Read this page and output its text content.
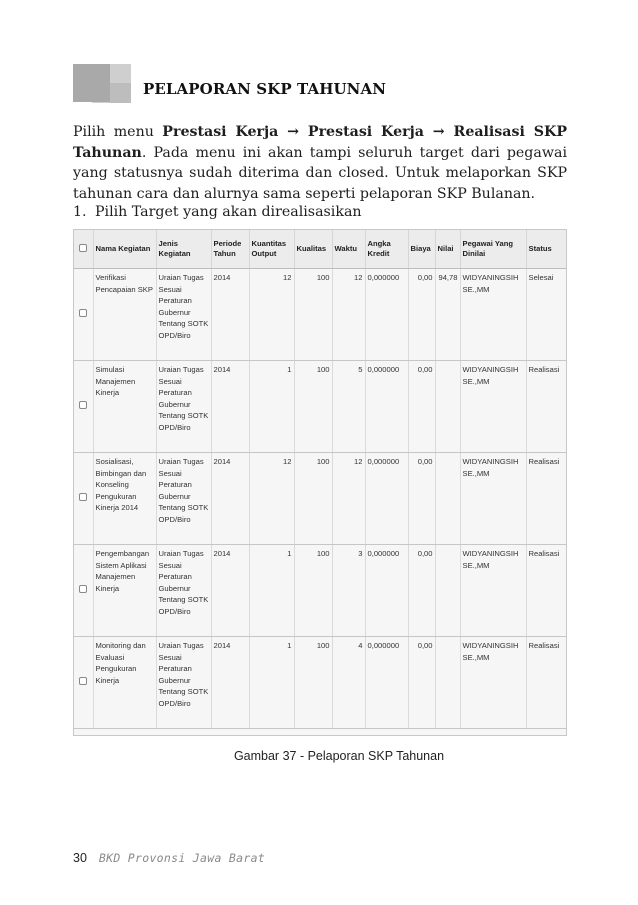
PELAPORAN SKP TAHUNAN
Pilih menu Prestasi Kerja → Prestasi Kerja → Realisasi SKP Tahunan. Pada menu ini akan tampi seluruh target dari pegawai yang statusnya sudah diterima dan closed. Untuk melaporkan SKP tahunan cara dan alurnya sama seperti pelaporan SKP Bulanan.
1. Pilih Target yang akan direalisasikan
	Nama Kegiatan	Jenis Kegiatan	Periode Tahun	Kuantitas Output	Kualitas	Waktu	Angka Kredit	Biaya	Nilai	Pegawai Yang Dinilai	Status
	Verifikasi Pencapaian SKP	Uraian Tugas Sesuai Peraturan Gubernur Tentang SOTK OPD/Biro	2014	12	100	12	0,000000	0,00	94,78	WIDYANINGSIH SE.,MM	Selesai
	Simulasi Manajemen Kinerja	Uraian Tugas Sesuai Peraturan Gubernur Tentang SOTK OPD/Biro	2014	1	100	5	0,000000	0,00		WIDYANINGSIH SE.,MM	Realisasi
	Sosialisasi, Bimbingan dan Konseling Pengukuran Kinerja 2014	Uraian Tugas Sesuai Peraturan Gubernur Tentang SOTK OPD/Biro	2014	12	100	12	0,000000	0,00		WIDYANINGSIH SE.,MM	Realisasi
	Pengembangan Sistem Aplikasi Manajemen Kinerja	Uraian Tugas Sesuai Peraturan Gubernur Tentang SOTK OPD/Biro	2014	1	100	3	0,000000	0,00		WIDYANINGSIH SE.,MM	Realisasi
	Monitoring dan Evaluasi Pengukuran Kinerja	Uraian Tugas Sesuai Peraturan Gubernur Tentang SOTK OPD/Biro	2014	1	100	4	0,000000	0,00		WIDYANINGSIH SE.,MM	Realisasi
Gambar 37 - Pelaporan SKP Tahunan
30 BKD Provonsi Jawa Barat
